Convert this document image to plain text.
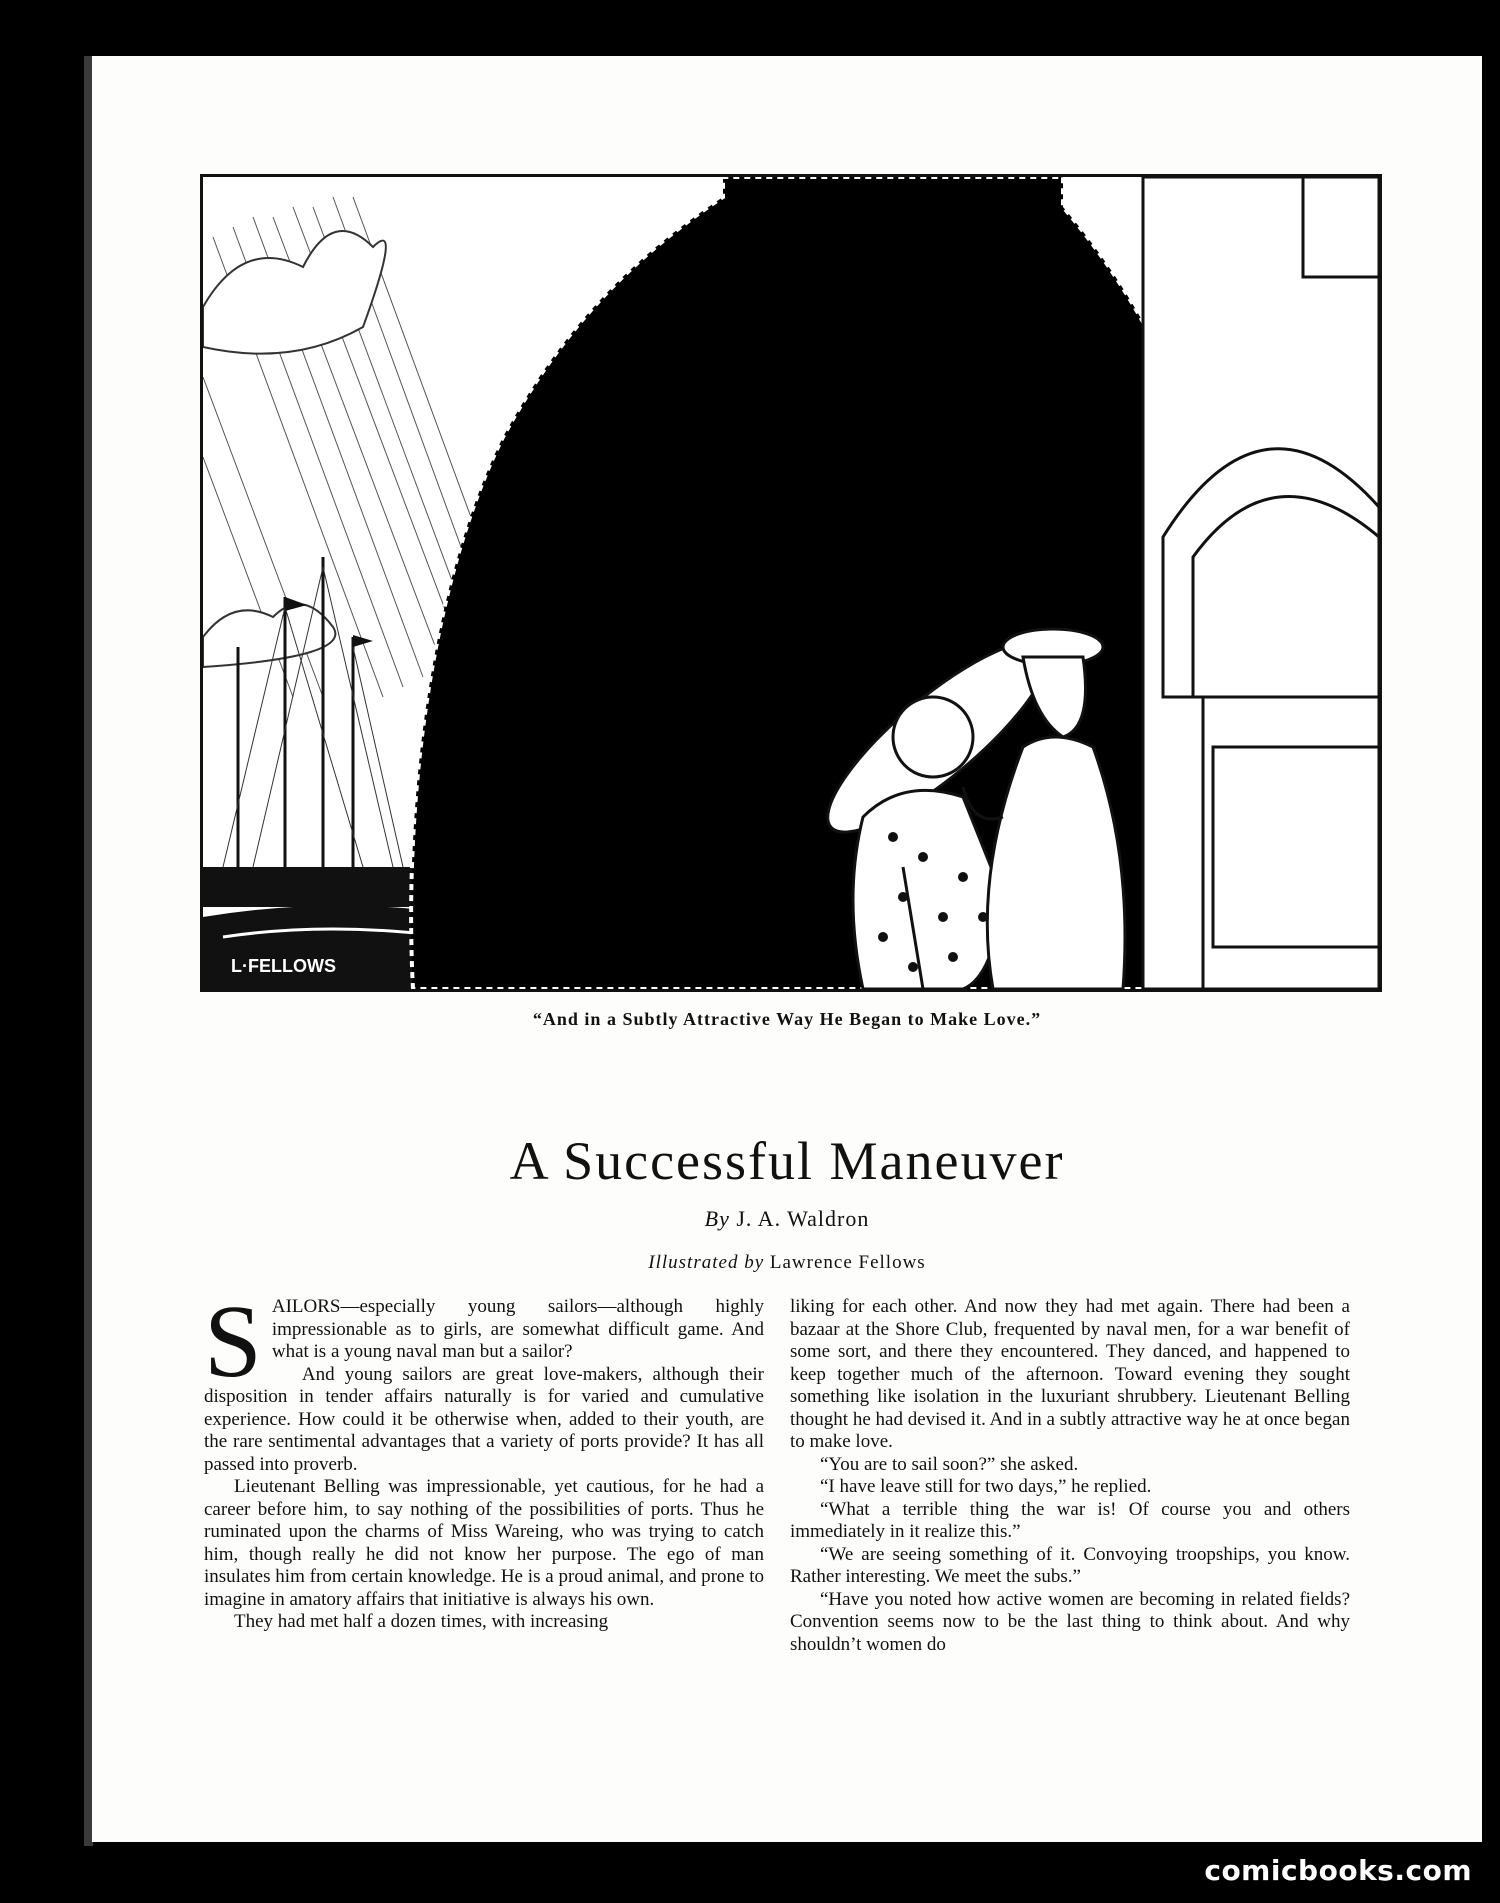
L·FELLOWS
“And in a Subtly Attractive Way He Began to Make Love.”
A Successful Maneuver
By J. A. Waldron
Illustrated by Lawrence Fellows

SAILORS—especially young sailors—although highly impressionable as to girls, are somewhat difficult game. And what is a young naval man but a sailor?

And young sailors are great love-makers, although their disposition in tender affairs naturally is for varied and cumulative experience. How could it be otherwise when, added to their youth, are the rare sentimental advantages that a variety of ports provide? It has all passed into proverb.

Lieutenant Belling was impressionable, yet cautious, for he had a career before him, to say nothing of the possibilities of ports. Thus he ruminated upon the charms of Miss Wareing, who was trying to catch him, though really he did not know her purpose. The ego of man insulates him from certain knowledge. He is a proud animal, and prone to imagine in amatory affairs that initiative is always his own.

They had met half a dozen times, with increasing

liking for each other. And now they had met again. There had been a bazaar at the Shore Club, frequented by naval men, for a war benefit of some sort, and there they encountered. They danced, and happened to keep together much of the afternoon. Toward evening they sought something like isolation in the luxuriant shrubbery. Lieutenant Belling thought he had devised it. And in a subtly attractive way he at once began to make love.

“You are to sail soon?” she asked.

“I have leave still for two days,” he replied.

“What a terrible thing the war is! Of course you and others immediately in it realize this.”

“We are seeing something of it. Convoying troopships, you know. Rather interesting. We meet the subs.”

“Have you noted how active women are becoming in related fields? Convention seems now to be the last thing to think about. And why shouldn’t women do

comicbooks.com
